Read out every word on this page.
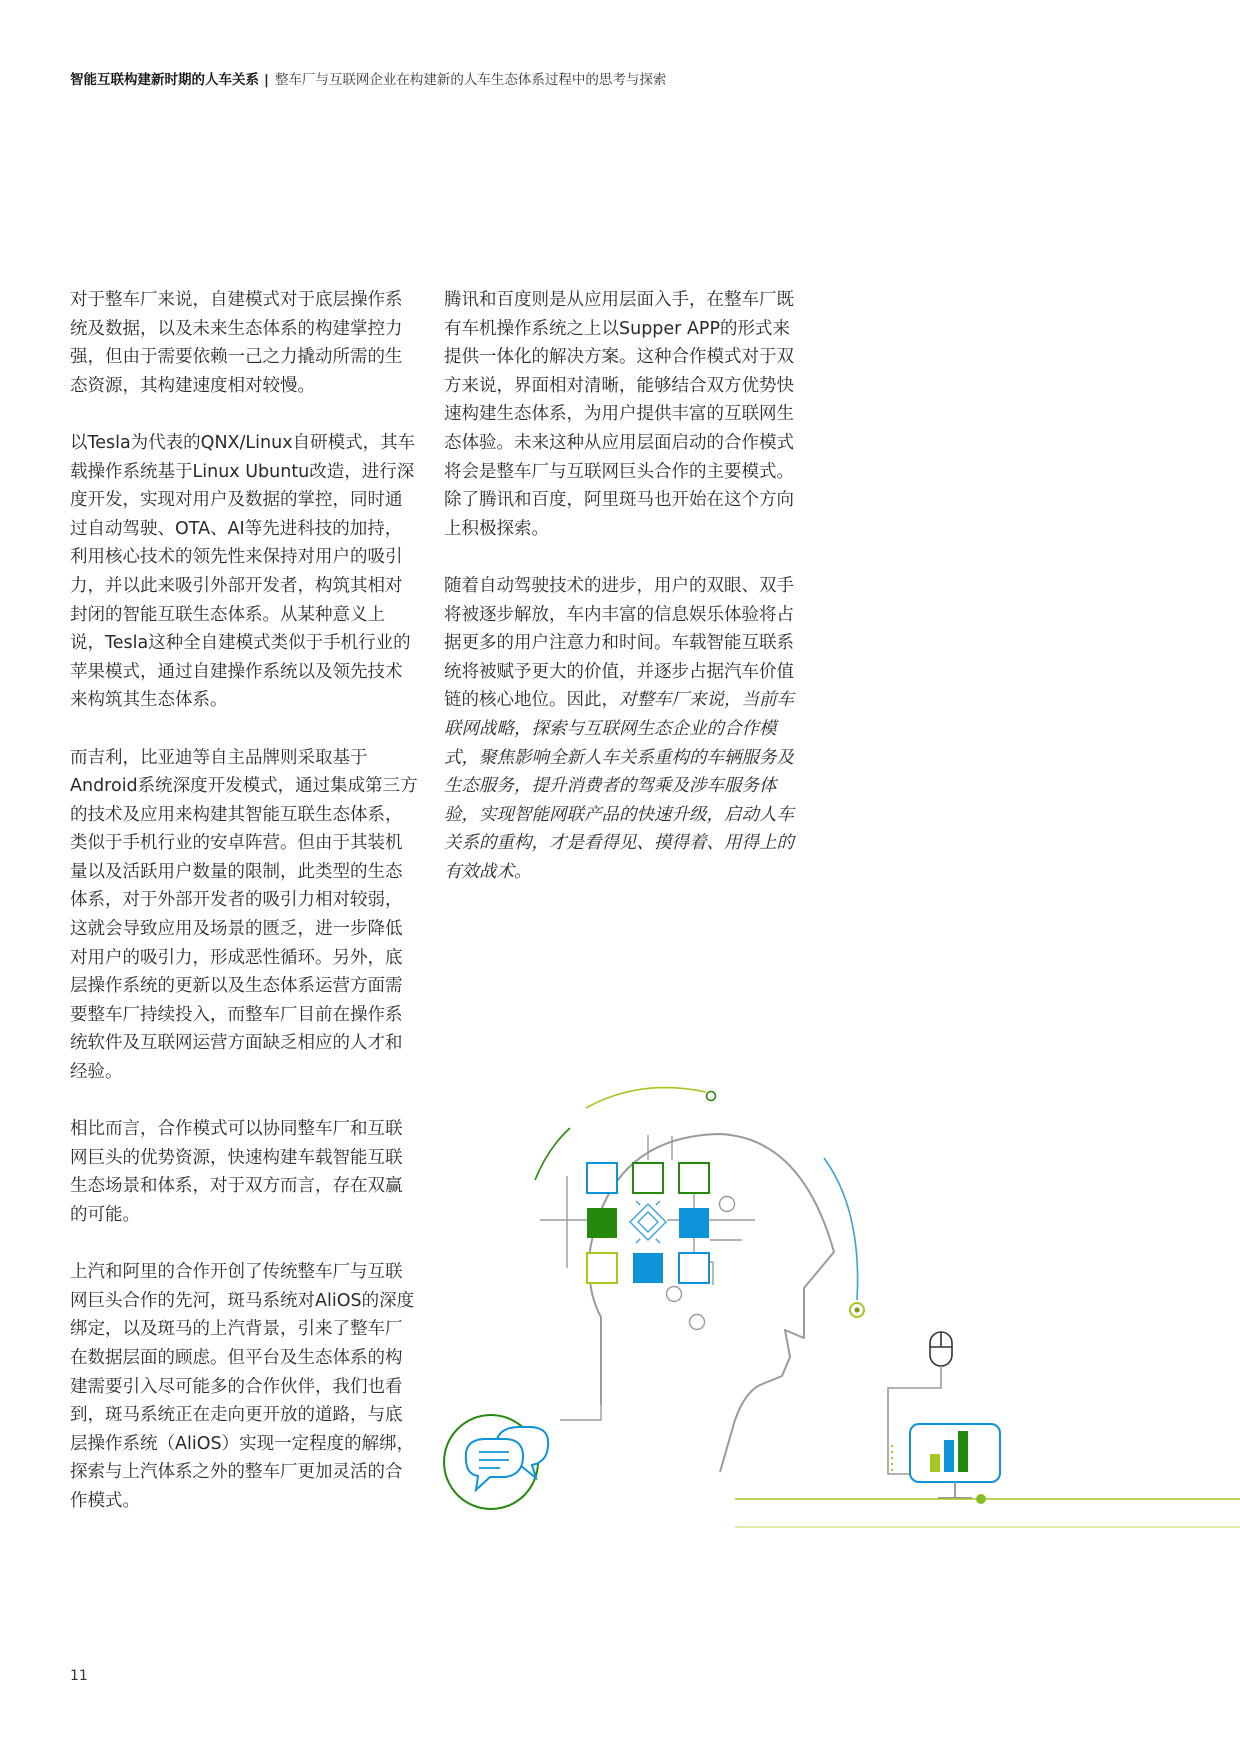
智能互联构建新时期的人车关系 | 整车厂与互联网企业在构建新的人车生态体系过程中的思考与探索

对于整车厂来说，自建模式对于底层操作系统及数据，以及未来生态体系的构建掌控力强，但由于需要依赖一己之力撬动所需的生态资源，其构建速度相对较慢。

以Tesla为代表的QNX/Linux自研模式，其车载操作系统基于Linux Ubuntu改造，进行深度开发，实现对用户及数据的掌控，同时通过自动驾驶、OTA、AI等先进科技的加持，利用核心技术的领先性来保持对用户的吸引力，并以此来吸引外部开发者，构筑其相对封闭的智能互联生态体系。从某种意义上说，Tesla这种全自建模式类似于手机行业的苹果模式，通过自建操作系统以及领先技术来构筑其生态体系。

而吉利，比亚迪等自主品牌则采取基于Android系统深度开发模式，通过集成第三方的技术及应用来构建其智能互联生态体系，类似于手机行业的安卓阵营。但由于其装机量以及活跃用户数量的限制，此类型的生态体系，对于外部开发者的吸引力相对较弱，这就会导致应用及场景的匮乏，进一步降低对用户的吸引力，形成恶性循环。另外，底层操作系统的更新以及生态体系运营方面需要整车厂持续投入，而整车厂目前在操作系统软件及互联网运营方面缺乏相应的人才和经验。

相比而言，合作模式可以协同整车厂和互联网巨头的优势资源，快速构建车载智能互联生态场景和体系，对于双方而言，存在双赢的可能。

上汽和阿里的合作开创了传统整车厂与互联网巨头合作的先河，斑马系统对AliOS的深度绑定，以及斑马的上汽背景，引来了整车厂在数据层面的顾虑。但平台及生态体系的构建需要引入尽可能多的合作伙伴，我们也看到，斑马系统正在走向更开放的道路，与底层操作系统（AliOS）实现一定程度的解绑，探索与上汽体系之外的整车厂更加灵活的合作模式。

腾讯和百度则是从应用层面入手，在整车厂既有车机操作系统之上以Supper APP的形式来提供一体化的解决方案。这种合作模式对于双方来说，界面相对清晰，能够结合双方优势快速构建生态体系，为用户提供丰富的互联网生态体验。未来这种从应用层面启动的合作模式将会是整车厂与互联网巨头合作的主要模式。除了腾讯和百度，阿里斑马也开始在这个方向上积极探索。

随着自动驾驶技术的进步，用户的双眼、双手将被逐步解放，车内丰富的信息娱乐体验将占据更多的用户注意力和时间。车载智能互联系统将被赋予更大的价值，并逐步占据汽车价值链的核心地位。因此，对整车厂来说，当前车联网战略，探索与互联网生态企业的合作模式，聚焦影响全新人车关系重构的车辆服务及生态服务，提升消费者的驾乘及涉车服务体验，实现智能网联产品的快速升级，启动人车关系的重构，才是看得见、摸得着、用得上的有效战术。

11
